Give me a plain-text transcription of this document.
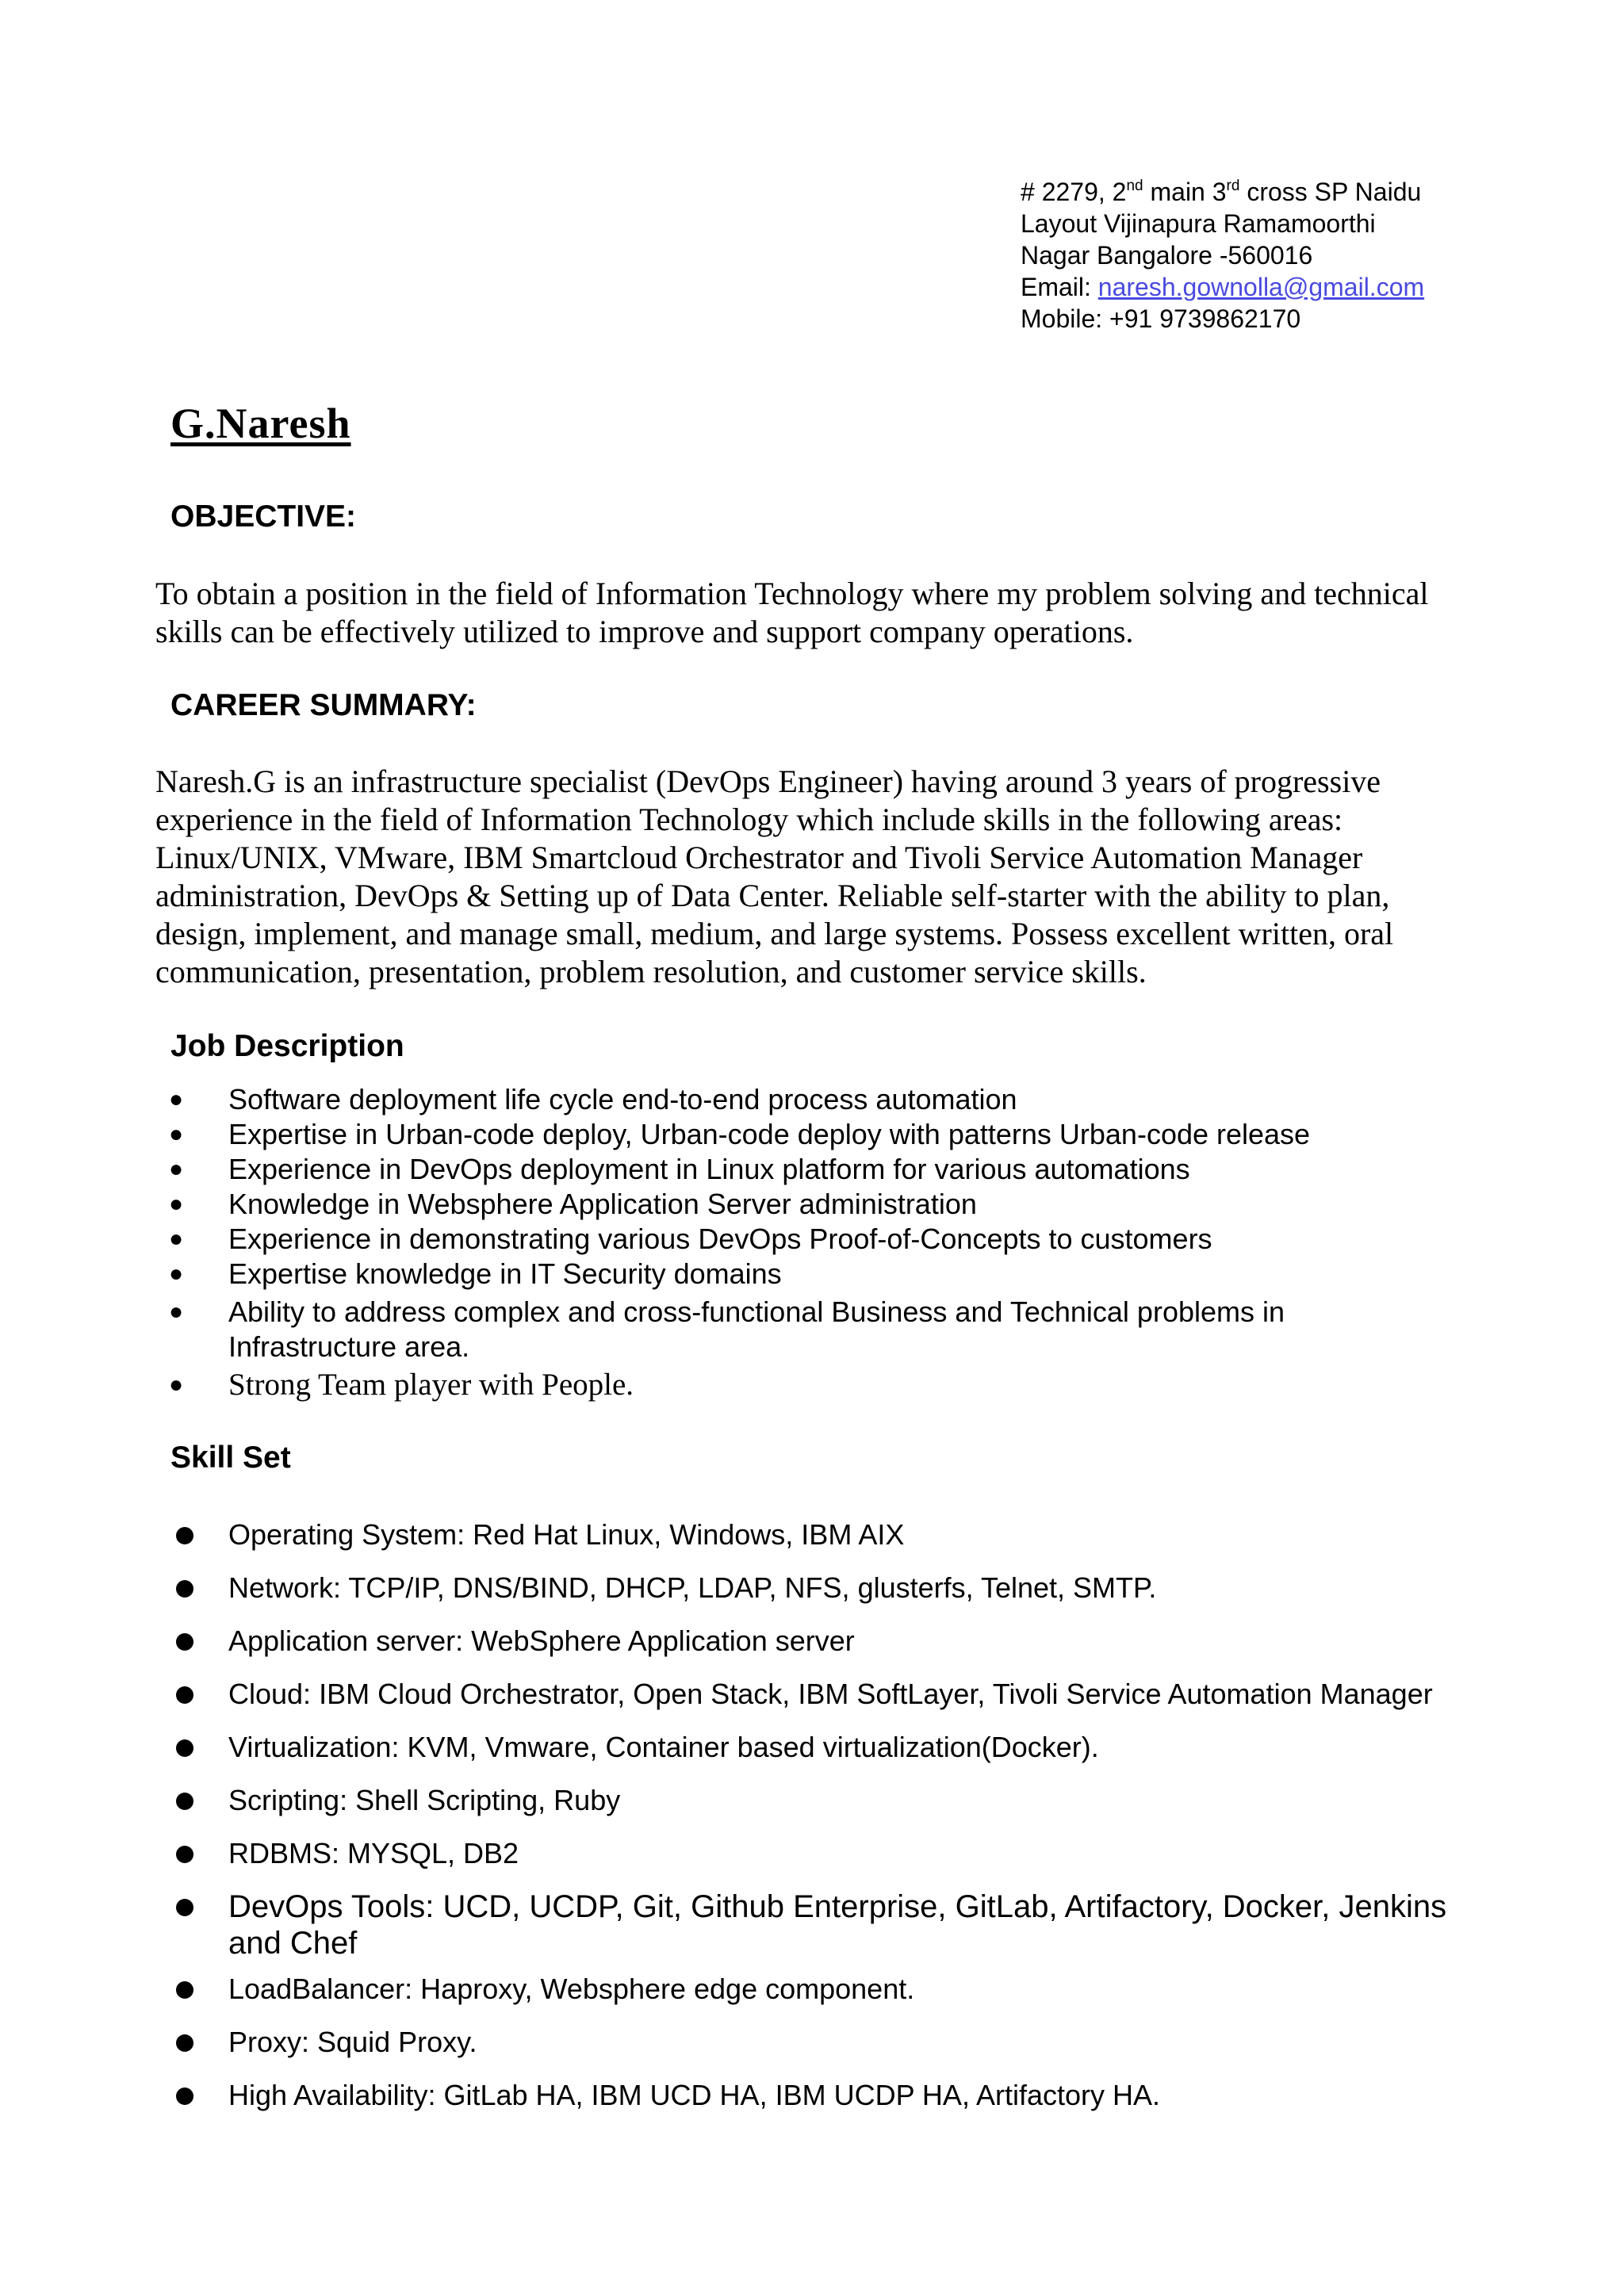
# 2279, 2nd main 3rd cross SP Naidu
Layout Vijinapura Ramamoorthi
Nagar Bangalore -560016
Email: naresh.gownolla@gmail.com
Mobile: +91 9739862170
G.Naresh
OBJECTIVE:

To obtain a position in the field of Information Technology where my problem solving and technical skills can be effectively utilized to improve and support company operations.

CAREER SUMMARY:

Naresh.G is an infrastructure specialist (DevOps Engineer) having around 3 years of progressive experience in the field of Information Technology which include skills in the following areas: Linux/UNIX, VMware, IBM Smartcloud Orchestrator and Tivoli Service Automation Manager administration, DevOps & Setting up of Data Center. Reliable self-starter with the ability to plan, design, implement, and manage small, medium, and large systems. Possess excellent written, oral communication, presentation, problem resolution, and customer service skills.

Job Description
● Software deployment life cycle end-to-end process automation
● Expertise in Urban-code deploy, Urban-code deploy with patterns Urban-code release
● Experience in DevOps deployment in Linux platform for various automations
● Knowledge in Websphere Application Server administration
● Experience in demonstrating various DevOps Proof-of-Concepts to customers
● Expertise knowledge in IT Security domains
● Ability to address complex and cross-functional Business and Technical problems in Infrastructure area.
● Strong Team player with People.
Skill Set
Operating System: Red Hat Linux, Windows, IBM AIX
Network: TCP/IP, DNS/BIND, DHCP, LDAP, NFS, glusterfs, Telnet, SMTP.
Application server: WebSphere Application server
Cloud: IBM Cloud Orchestrator, Open Stack, IBM SoftLayer, Tivoli Service Automation Manager
Virtualization: KVM, Vmware, Container based virtualization(Docker).
Scripting: Shell Scripting, Ruby
RDBMS: MYSQL, DB2
DevOps Tools: UCD, UCDP, Git, Github Enterprise, GitLab, Artifactory, Docker, Jenkins and Chef
LoadBalancer: Haproxy, Websphere edge component.
Proxy: Squid Proxy.
High Availability: GitLab HA, IBM UCD HA, IBM UCDP HA, Artifactory HA.
